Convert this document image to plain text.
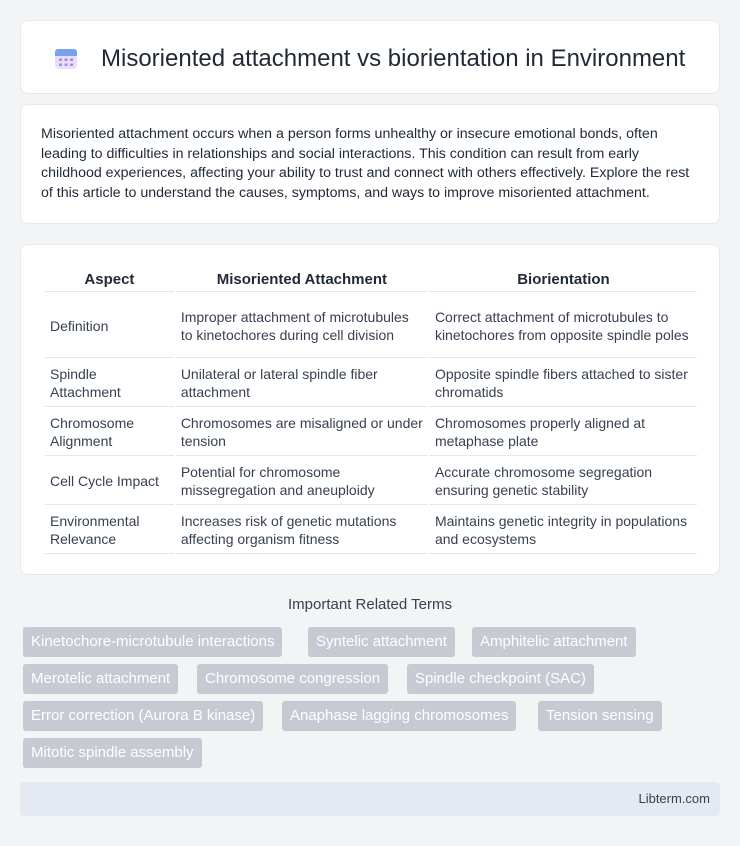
Misoriented attachment vs biorientation in Environment

Misoriented attachment occurs when a person forms unhealthy or insecure emotional bonds, often leading to difficulties in relationships and social interactions. This condition can result from early childhood experiences, affecting your ability to trust and connect with others effectively. Explore the rest of this article to understand the causes, symptoms, and ways to improve misoriented attachment.

Aspect	Misoriented Attachment	Biorientation
Definition	Improper attachment of microtubules to kinetochores during cell division	Correct attachment of microtubules to kinetochores from opposite spindle poles
Spindle Attachment	Unilateral or lateral spindle fiber attachment	Opposite spindle fibers attached to sister chromatids
Chromosome Alignment	Chromosomes are misaligned or under tension	Chromosomes properly aligned at metaphase plate
Cell Cycle Impact	Potential for chromosome missegregation and aneuploidy	Accurate chromosome segregation ensuring genetic stability
Environmental Relevance	Increases risk of genetic mutations affecting organism fitness	Maintains genetic integrity in populations and ecosystems
Important Related Terms
Kinetochore-microtubule interactions	Syntelic attachment	Amphitelic attachment
Merotelic attachment	Chromosome congression	Spindle checkpoint (SAC)
Error correction (Aurora B kinase)	Anaphase lagging chromosomes	Tension sensing
Mitotic spindle assembly
Libterm.com
